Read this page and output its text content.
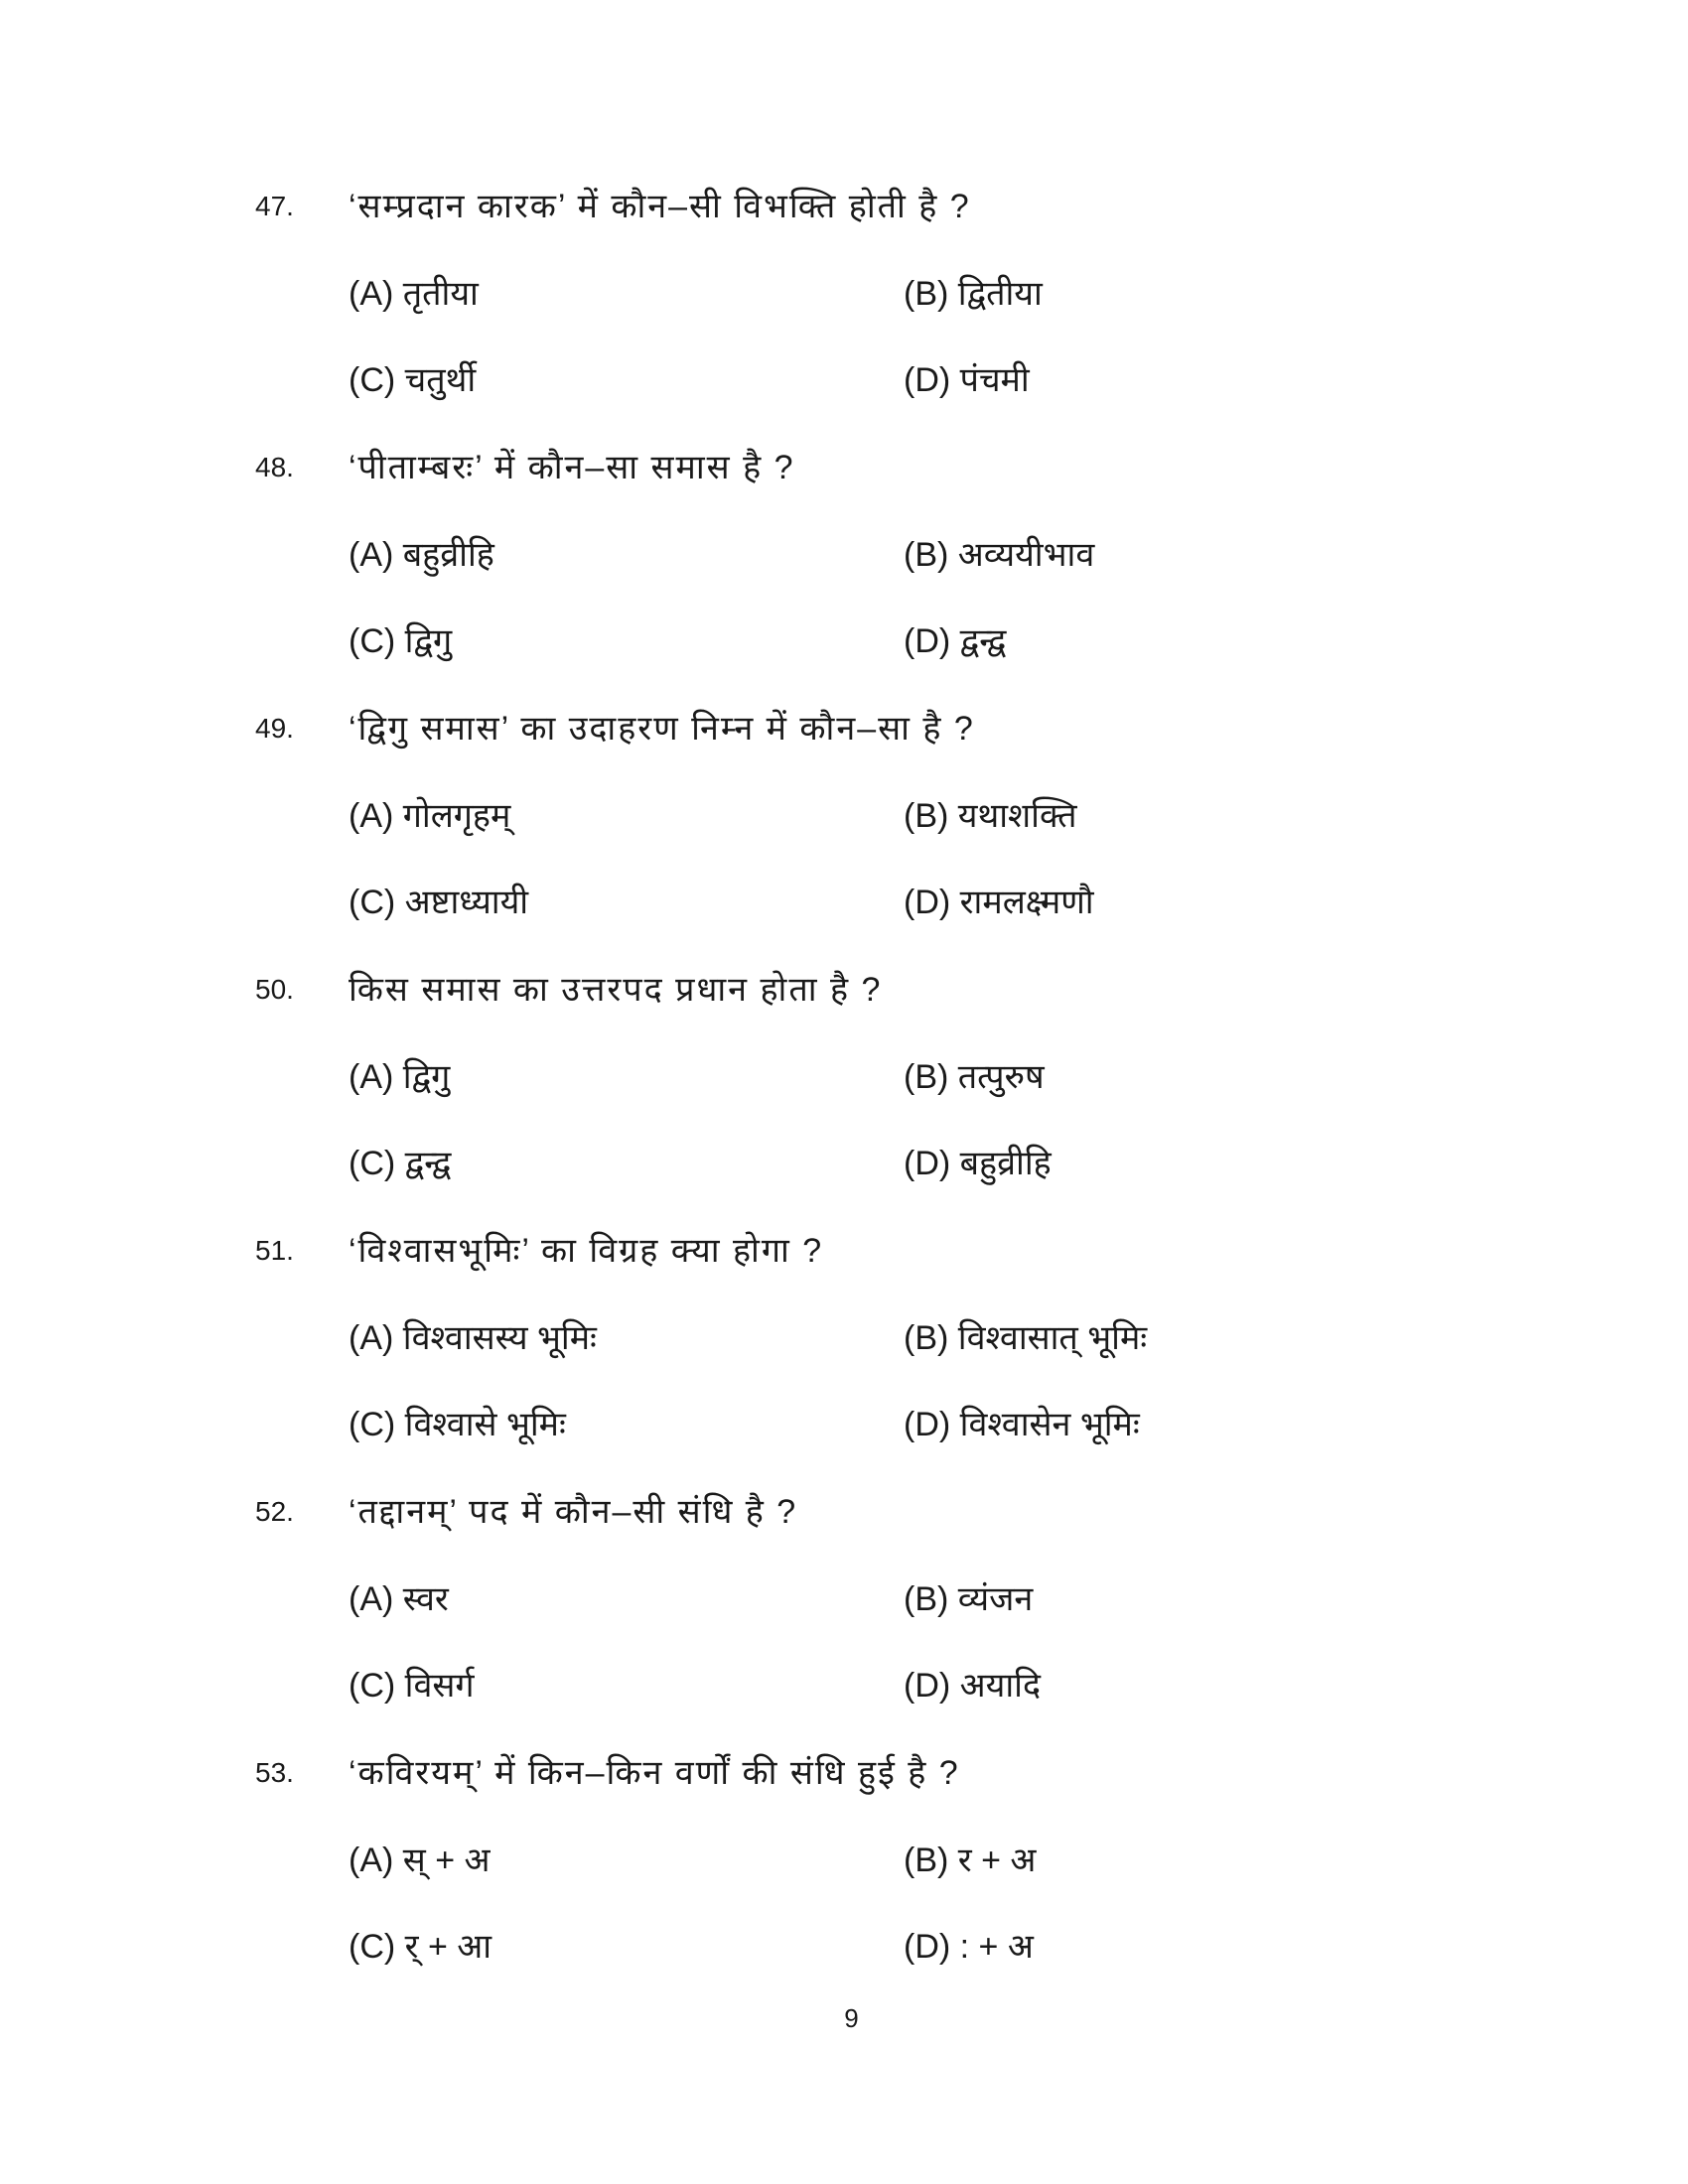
47. ‘सम्प्रदान कारक’ में कौन–सी विभक्ति होती है ?
(A) तृतीया	(B) द्वितीया
(C) चतुर्थी	(D) पंचमी
48. ‘पीताम्बरः’ में कौन–सा समास है ?
(A) बहुव्रीहि	(B) अव्ययीभाव
(C) द्विगु	(D) द्वन्द्व
49. ‘द्विगु समास’ का उदाहरण निम्न में कौन–सा है ?
(A) गोलगृहम्	(B) यथाशक्ति
(C) अष्टाध्यायी	(D) रामलक्ष्मणौ
50. किस समास का उत्तरपद प्रधान होता है ?
(A) द्विगु	(B) तत्पुरुष
(C) द्वन्द्व	(D) बहुव्रीहि
51. ‘विश्वासभूमिः’ का विग्रह क्या होगा ?
(A) विश्वासस्य भूमिः	(B) विश्वासात् भूमिः
(C) विश्वासे भूमिः	(D) विश्वासेन भूमिः
52. ‘तद्दानम्’ पद में कौन–सी संधि है ?
(A) स्वर	(B) व्यंजन
(C) विसर्ग	(D) अयादि
53. ‘कविरयम्’ में किन–किन वर्णों की संधि हुई है ?
(A) स् + अ	(B) र + अ
(C) र् + आ	(D) : + अ
9
